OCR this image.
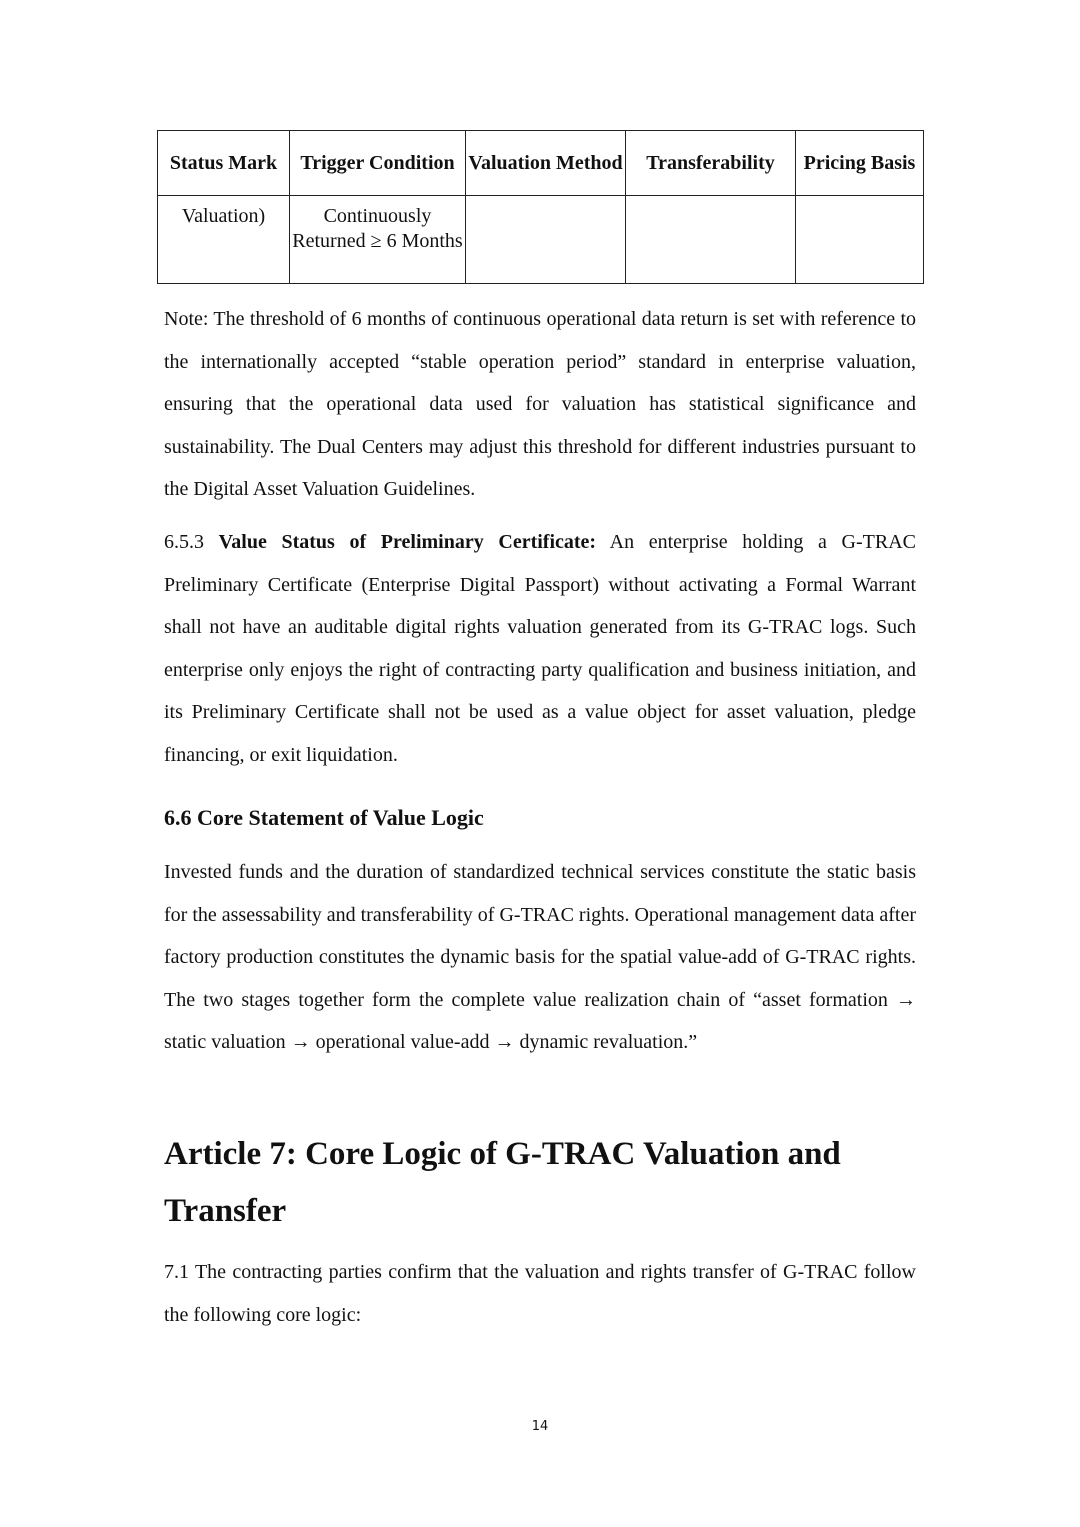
Status Mark	Trigger Condition	Valuation Method	Transferability	Pricing Basis
Valuation)	Continuously Returned ≥ 6 Months			

Note: The threshold of 6 months of continuous operational data return is set with reference to the internationally accepted “stable operation period” standard in enterprise valuation, ensuring that the operational data used for valuation has statistical significance and sustainability. The Dual Centers may adjust this threshold for different industries pursuant to the Digital Asset Valuation Guidelines.

6.5.3 Value Status of Preliminary Certificate: An enterprise holding a G-TRAC Preliminary Certificate (Enterprise Digital Passport) without activating a Formal Warrant shall not have an auditable digital rights valuation generated from its G-TRAC logs. Such enterprise only enjoys the right of contracting party qualification and business initiation, and its Preliminary Certificate shall not be used as a value object for asset valuation, pledge financing, or exit liquidation.

6.6 Core Statement of Value Logic

Invested funds and the duration of standardized technical services constitute the static basis for the assessability and transferability of G-TRAC rights. Operational management data after factory production constitutes the dynamic basis for the spatial value-add of G-TRAC rights. The two stages together form the complete value realization chain of “asset formation → static valuation → operational value-add → dynamic revaluation.”

Article 7: Core Logic of G-TRAC Valuation and Transfer

7.1 The contracting parties confirm that the valuation and rights transfer of G-TRAC follow the following core logic:

14
